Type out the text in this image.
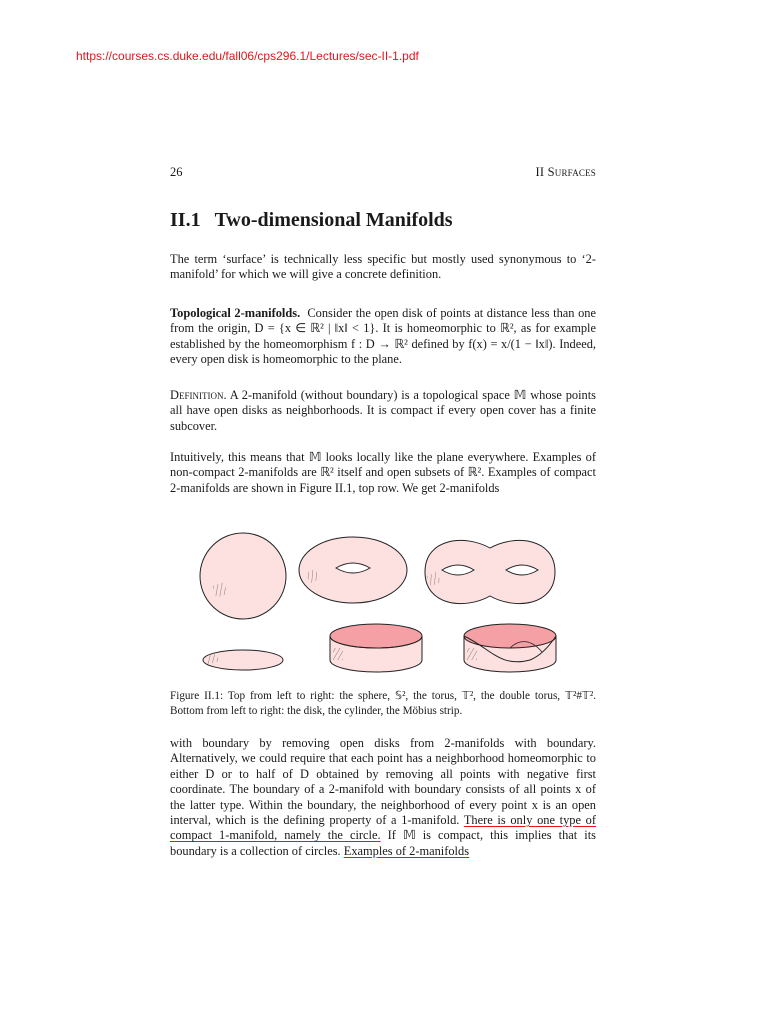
https://courses.cs.duke.edu/fall06/cps296.1/Lectures/sec-II-1.pdf
26	II Surfaces
II.1 Two-dimensional Manifolds

The term ‘surface’ is technically less specific but mostly used synonymous to ‘2-manifold’ for which we will give a concrete definition.

Topological 2-manifolds. Consider the open disk of points at distance less than one from the origin, D = {x ∈ ℝ² | ‖x‖ < 1}. It is homeomorphic to ℝ², as for example established by the homeomorphism f : D → ℝ² defined by f(x) = x/(1 − ‖x‖). Indeed, every open disk is homeomorphic to the plane.

Definition. A 2-manifold (without boundary) is a topological space 𝕄 whose points all have open disks as neighborhoods. It is compact if every open cover has a finite subcover.

Intuitively, this means that 𝕄 looks locally like the plane everywhere. Examples of non-compact 2-manifolds are ℝ² itself and open subsets of ℝ². Examples of compact 2-manifolds are shown in Figure II.1, top row. We get 2-manifolds

Figure II.1: Top from left to right: the sphere, 𝕊², the torus, 𝕋², the double torus, 𝕋²#𝕋². Bottom from left to right: the disk, the cylinder, the Möbius strip.

with boundary by removing open disks from 2-manifolds with boundary. Alternatively, we could require that each point has a neighborhood homeomorphic to either D or to half of D obtained by removing all points with negative first coordinate. The boundary of a 2-manifold with boundary consists of all points x of the latter type. Within the boundary, the neighborhood of every point x is an open interval, which is the defining property of a 1-manifold. There is only one type of compact 1-manifold, namely the circle. If 𝕄 is compact, this implies that its boundary is a collection of circles. Examples of 2-manifolds
